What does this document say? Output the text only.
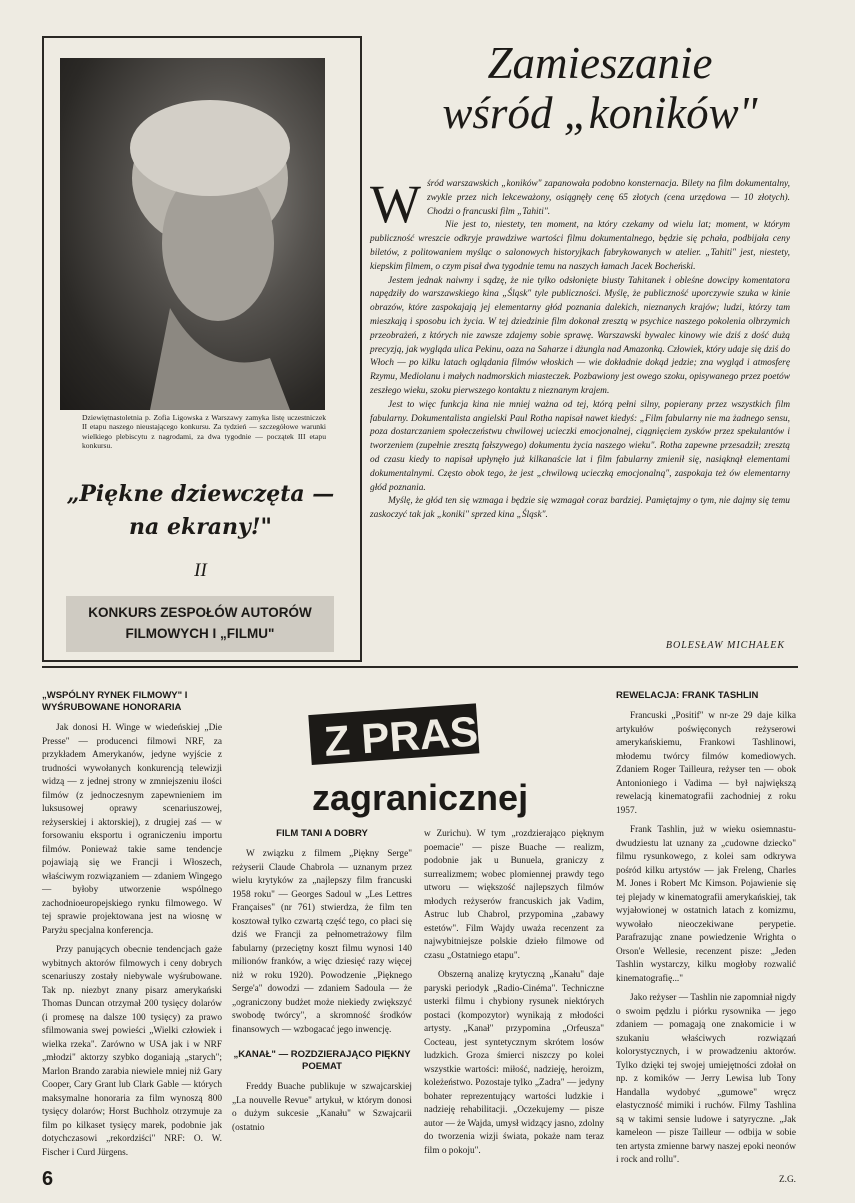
Dziewiętnastoletnia p. Zofia Ligowska z Warszawy zamyka listę uczestniczek II etapu naszego nieustającego konkursu. Za tydzień — szczegółowe warunki wielkiego plebiscytu z nagrodami, za dwa tygodnie — początek III etapu konkursu.
„Piękne dziewczęta —
na ekrany!"
II
KONKURS ZESPOŁÓW AUTORÓW
FILMOWYCH I „FILMU"
Zamieszanie
wśród „koników"

Wśród warszawskich „koników" zapanowała podobno konsternacja. Bilety na film dokumentalny, zwykle przez nich lekceważony, osiągnęły cenę 65 złotych (cena urzędowa — 10 złotych). Chodzi o francuski film „Tahiti".

Nie jest to, niestety, ten moment, na który czekamy od wielu lat; moment, w którym publiczność wreszcie odkryje prawdziwe wartości filmu dokumentalnego, będzie się pchała, podbijała ceny biletów, z politowaniem myśląc o salonowych historyjkach fabrykowanych w atelier. „Tahiti" jest, niestety, kiepskim filmem, o czym pisał dwa tygodnie temu na naszych łamach Jacek Bocheński.

Jestem jednak naiwny i sądzę, że nie tylko odsłonięte biusty Tahitanek i obleśne dowcipy komentatora napędziły do warszawskiego kina „Śląsk" tyle publiczności. Myślę, że publiczność uporczywie szuka w kinie obrazów, które zaspokajają jej elementarny głód poznania dalekich, nieznanych krajów; ludzi, którzy tam mieszkają i sposobu ich życia. W tej dziedzinie film dokonał zresztą w psychice naszego pokolenia olbrzymich przeobrażeń, z których nie zawsze zdajemy sobie sprawę. Warszawski bywalec kinowy wie dziś z dość dużą precyzją, jak wygląda ulica Pekinu, oaza na Saharze i dżungla nad Amazonką. Człowiek, który udaje się dziś do Włoch — po kilku latach oglądania filmów włoskich — wie dokładnie dokąd jedzie; zna wygląd i atmosferę Rzymu, Mediolanu i małych nadmorskich miasteczek. Pozbawiony jest owego szoku, opisywanego przez poetów zeszłego wieku, szoku pierwszego kontaktu z nieznanym krajem.

Jest to więc funkcja kina nie mniej ważna od tej, którą pełni silny, popierany przez wszystkich film fabularny. Dokumentalista angielski Paul Rotha napisał nawet kiedyś: „Film fabularny nie ma żadnego sensu, poza dostarczaniem społeczeństwu chwilowej ucieczki emocjonalnej, ciągnięciem zysków przez spekulantów i tworzeniem (zupełnie zresztą fałszywego) dokumentu życia naszego wieku". Rotha zapewne przesadził; zresztą od czasu kiedy to napisał upłynęło już kilkanaście lat i film fabularny zmienił się, nasiąknął elementami dokumentalnymi. Często obok tego, że jest „chwilową ucieczką emocjonalną", zaspokaja też ów elementarny głód poznania.

Myślę, że głód ten się wzmaga i będzie się wzmagał coraz bardziej. Pamiętajmy o tym, nie dajmy się temu zaskoczyć tak jak „koniki" sprzed kina „Śląsk".

BOLESŁAW MICHAŁEK
Z PRASY
zagranicznej
„WSPÓLNY RYNEK FILMOWY" I WYŚRUBOWANE HONORARIA

Jak donosi H. Winge w wiedeńskiej „Die Presse" — producenci filmowi NRF, za przykładem Amerykanów, jedyne wyjście z trudności wywołanych konkurencją telewizji widzą — z jednej strony w zmniejszeniu ilości filmów (z jednoczesnym zapewnieniem im luksusowej oprawy scenariuszowej, reżyserskiej i aktorskiej), z drugiej zaś — w forsowaniu eksportu i ograniczeniu importu filmów. Ponieważ takie same tendencje pojawiają się we Francji i Włoszech, właściwym rozwiązaniem — zdaniem Wingego — byłoby utworzenie wspólnego zachodnioeuropejskiego rynku filmowego. W tej sprawie projektowana jest na wiosnę w Paryżu specjalna konferencja.

Przy panujących obecnie tendencjach gaże wybitnych aktorów filmowych i ceny dobrych scenariuszy zostały niebywale wyśrubowane. Tak np. niezbyt znany pisarz amerykański Thomas Duncan otrzymał 200 tysięcy dolarów (i promesę na dalsze 100 tysięcy) za prawo sfilmowania swej powieści „Wielki człowiek i wielka rzeka". Zarówno w USA jak i w NRF „młodzi" aktorzy szybko doganiają „starych"; Marlon Brando zarabia niewiele mniej niż Gary Cooper, Cary Grant lub Clark Gable — których maksymalne honoraria za film wynoszą 800 tysięcy dolarów; Horst Buchholz otrzymuje za film po kilkaset tysięcy marek, podobnie jak dotychczasowi „rekordziści" NRF: O. W. Fischer i Curd Jürgens.

FILM TANI A DOBRY

W związku z filmem „Piękny Serge" reżyserii Claude Chabrola — uznanym przez wielu krytyków za „najlepszy film francuski 1958 roku" — Georges Sadoul w „Les Lettres Françaises" (nr 761) stwierdza, że film ten kosztował tylko czwartą część tego, co płaci się dziś we Francji za pełnometrażowy film fabularny (przeciętny koszt filmu wynosi 140 milionów franków, a więc dziesięć razy więcej niż w roku 1920). Powodzenie „Pięknego Serge'a" dowodzi — zdaniem Sadoula — że „ograniczony budżet może niekiedy zwiększyć swobodę twórcy", a skromność środków finansowych — wzbogacać jego inwencję.

„KANAŁ" — ROZDZIERAJĄCO PIĘKNY POEMAT

Freddy Buache publikuje w szwajcarskiej „La nouvelle Revue" artykuł, w którym donosi o dużym sukcesie „Kanału" w Szwajcarii (ostatnio

w Zurichu). W tym „rozdzierająco pięknym poemacie" — pisze Buache — realizm, podobnie jak u Bunuela, graniczy z surrealizmem; wobec plomiennej prawdy tego utworu — większość najlepszych filmów młodych reżyserów francuskich jak Vadim, Astruc lub Chabrol, przypomina „zabawy estetów". Film Wajdy uważa recenzent za najwybitniejsze polskie dzieło filmowe od czasu „Ostatniego etapu".

Obszerną analizę krytyczną „Kanału" daje paryski periodyk „Radio-Cinéma". Techniczne usterki filmu i chybiony rysunek niektórych postaci (kompozytor) wynikają z młodości artysty. „Kanał" przypomina „Orfeusza" Cocteau, jest syntetycznym skrótem losów ludzkich. Groza śmierci niszczy po kolei wszystkie wartości: miłość, nadzieję, heroizm, koleżeństwo. Pozostaje tylko „Zadra" — jedyny bohater reprezentujący wartości ludzkie i nadzieję rehabilitacji. „Oczekujemy — pisze autor — że Wajda, umysł widzący jasno, zdolny do tworzenia wizji świata, pokaże nam teraz film o pokoju".

REWELACJA: FRANK TASHLIN

Francuski „Positif" w nr-ze 29 daje kilka artykułów poświęconych reżyserowi amerykańskiemu, Frankowi Tashlinowi, młodemu twórcy filmów komediowych. Zdaniem Roger Tailleura, reżyser ten — obok Antonioniego i Vadima — był największą rewelacją kinematografii zachodniej z roku 1957.

Frank Tashlin, już w wieku osiemnastu-dwudziestu lat uznany za „cudowne dziecko" filmu rysunkowego, z kolei sam odkrywa pośród kilku artystów — jak Freleng, Charles M. Jones i Robert Mc Kimson. Pojawienie się tej plejady w kinematografii amerykańskiej, tak wyjałowionej w ostatnich latach z komizmu, wywołało nieoczekiwane perypetie. Parafrazując znane powiedzenie Wrighta o Orson'e Wellesie, recenzent pisze: „Jeden Tashlin wystarczy, kilku mogłoby rozwalić kinematografię..."

Jako reżyser — Tashlin nie zapomniał nigdy o swoim pędzlu i piórku rysownika — jego zdaniem — pomagają one znakomicie i w szukaniu właściwych rozwiązań kolorystycznych, i w prowadzeniu aktorów. Tylko dzięki tej swojej umiejętności zdołał on np. z komików — Jerry Lewisa lub Tony Handalla wydobyć „gumowe" wręcz elastyczność mimiki i ruchów. Filmy Tashlina są w takimi sensie ludowe i satyryczne. „Jak kameleon — pisze Tailleur — odbija w sobie ten artysta zmienne barwy naszej epoki neonów i rock and rollu".

Z.G.

6
